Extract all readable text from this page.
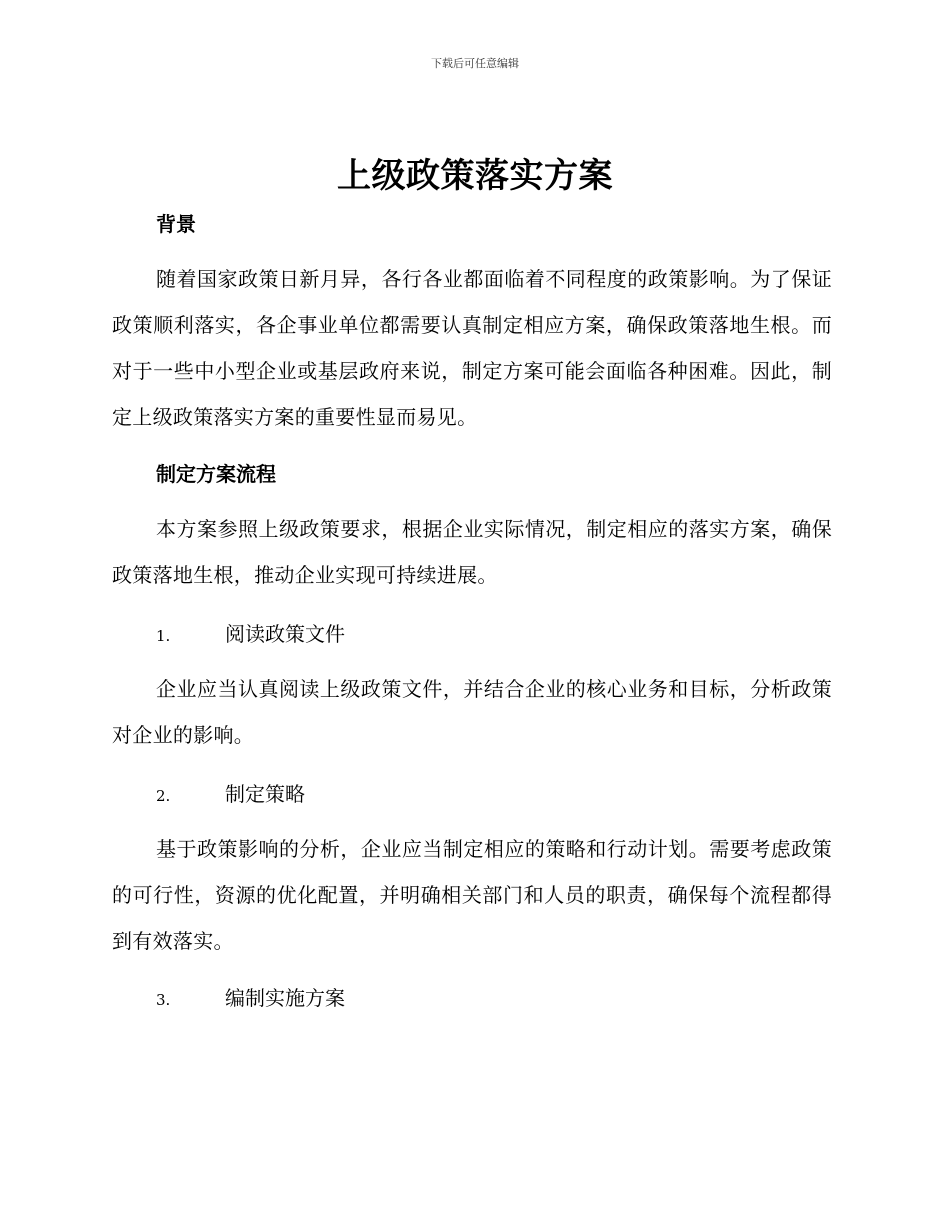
下载后可任意编辑
上级政策落实方案
背景
随着国家政策日新月异，各行各业都面临着不同程度的政策影响。为了保证政策顺利落实，各企事业单位都需要认真制定相应方案，确保政策落地生根。而对于一些中小型企业或基层政府来说，制定方案可能会面临各种困难。因此，制定上级政策落实方案的重要性显而易见。
制定方案流程
本方案参照上级政策要求，根据企业实际情况，制定相应的落实方案，确保政策落地生根，推动企业实现可持续进展。
1.	阅读政策文件
企业应当认真阅读上级政策文件，并结合企业的核心业务和目标，分析政策对企业的影响。
2.	制定策略
基于政策影响的分析，企业应当制定相应的策略和行动计划。需要考虑政策的可行性，资源的优化配置，并明确相关部门和人员的职责，确保每个流程都得到有效落实。
3.	编制实施方案
